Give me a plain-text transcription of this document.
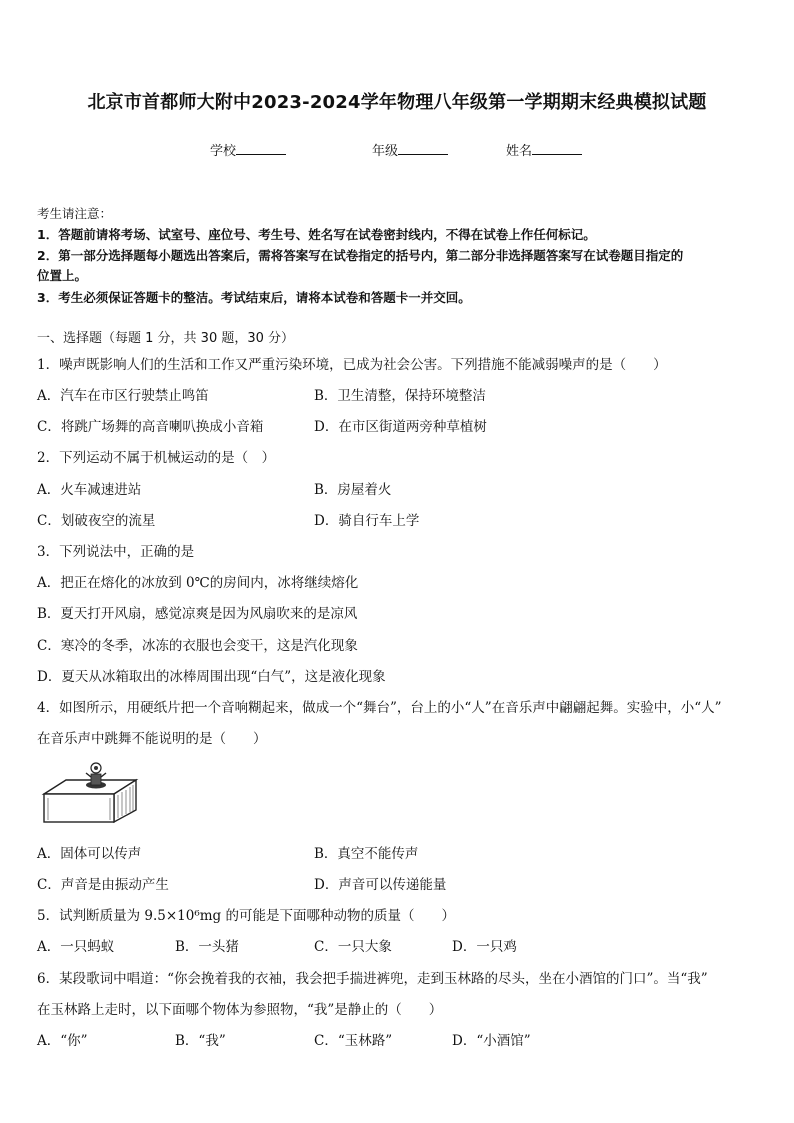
北京市首都师大附中2023-2024学年物理八年级第一学期期末经典模拟试题
学校	年级	姓名
考生请注意：
1．答题前请将考场、试室号、座位号、考生号、姓名写在试卷密封线内，不得在试卷上作任何标记。
2．第一部分选择题每小题选出答案后，需将答案写在试卷指定的括号内，第二部分非选择题答案写在试卷题目指定的
位置上。
3．考生必须保证答题卡的整洁。考试结束后，请将本试卷和答题卡一并交回。
一、选择题（每题 1 分，共 30 题，30 分）
1．噪声既影响人们的生活和工作又严重污染环境，已成为社会公害。下列措施不能减弱噪声的是（　　）
A．汽车在市区行驶禁止鸣笛	B．卫生清整，保持环境整洁
C．将跳广场舞的高音喇叭换成小音箱	D．在市区街道两旁种草植树
2．下列运动不属于机械运动的是（　）
A．火车减速进站	B．房屋着火
C．划破夜空的流星	D．骑自行车上学
3．下列说法中，正确的是
A．把正在熔化的冰放到 0℃的房间内，冰将继续熔化
B．夏天打开风扇，感觉凉爽是因为风扇吹来的是凉风
C．寒冷的冬季，冰冻的衣服也会变干，这是汽化现象
D．夏天从冰箱取出的冰棒周围出现“白气”，这是液化现象
4．如图所示，用硬纸片把一个音响糊起来，做成一个“舞台”，台上的小“人”在音乐声中翩翩起舞。实验中，小“人”
在音乐声中跳舞不能说明的是（　　）
A．固体可以传声	B．真空不能传声
C．声音是由振动产生	D．声音可以传递能量
5．试判断质量为 9.5×10⁶mg 的可能是下面哪种动物的质量（　　）
A．一只蚂蚁	B．一头猪	C．一只大象	D．一只鸡
6．某段歌词中唱道：“你会挽着我的衣袖，我会把手揣进裤兜，走到玉林路的尽头，坐在小酒馆的门口”。当“我”
在玉林路上走时，以下面哪个物体为参照物，“我”是静止的（　　）
A．“你”	B．“我”	C．“玉林路”	D．“小酒馆”
